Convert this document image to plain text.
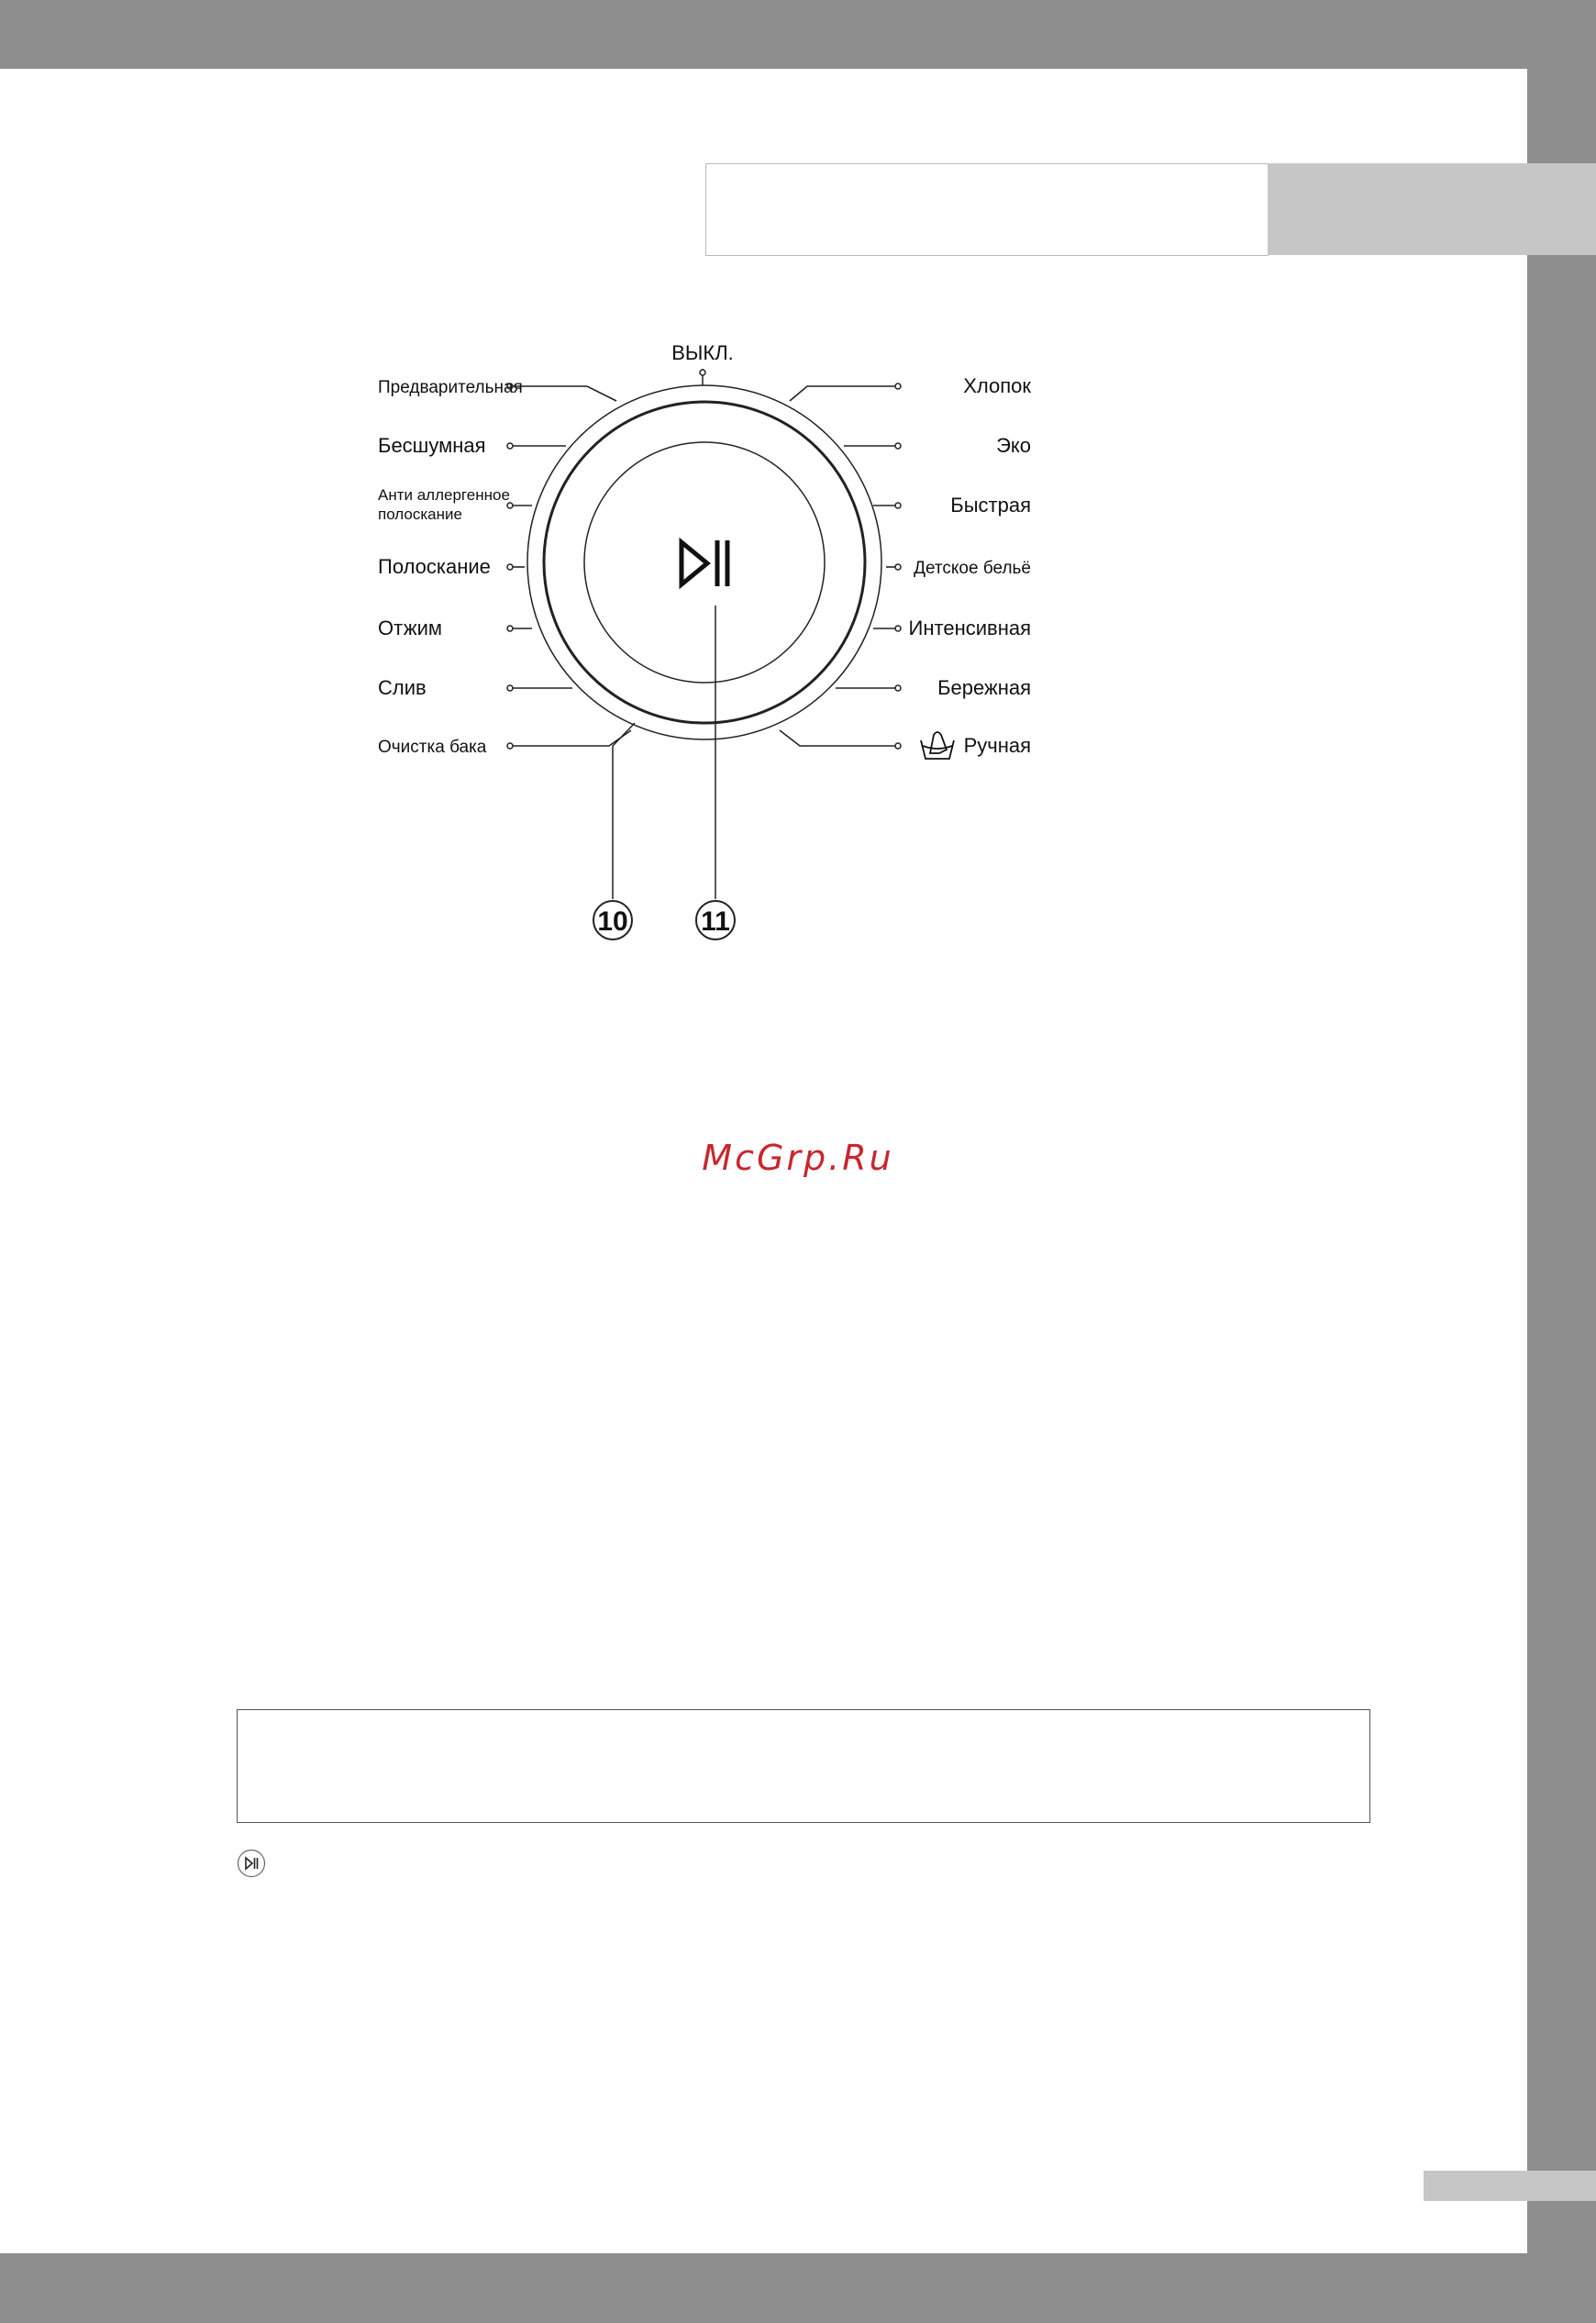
Предварительная
Бесшумная
Анти аллергенное
полоскание
Полоскание
Отжим
Слив
Очистка бака
Хлопок
Эко
Быстрая
Детское бельё
Интенсивная
Бережная
Ручная
ВЫКЛ.
10	11
McGrp.Ru
